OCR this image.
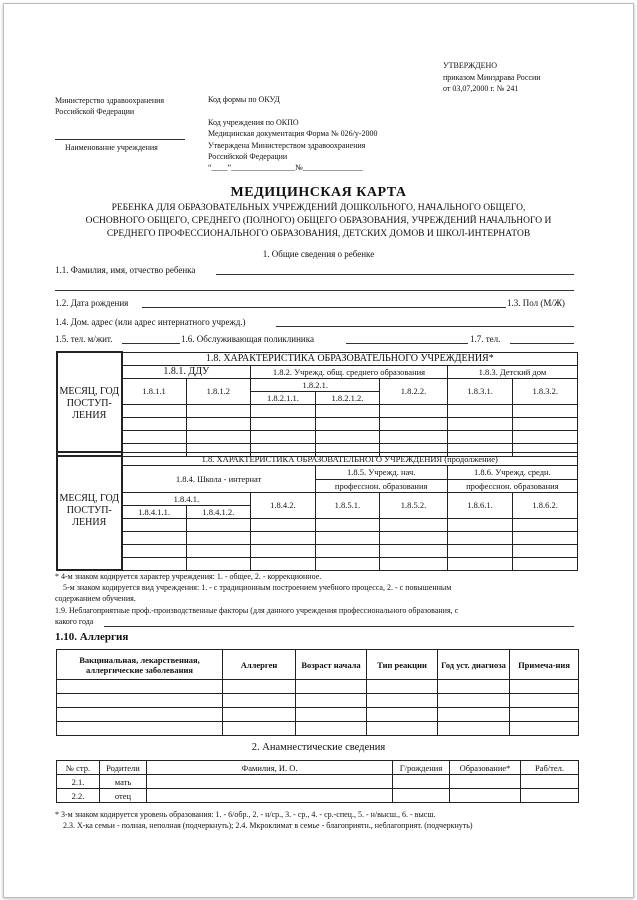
УТВЕРЖДЕНО
приказом Минздрава России
от 03,07,2000 г. № 241
Министерство здравоохранения
Российской Федерации
Наименование учреждения
Код формы по ОКУД
Код учреждения по ОКПО
Медицинская документация Форма № 026/у-2000
Утверждена Министерством здравоохранения
Российской Федерации
“____”________________№_______________
МЕДИЦИНСКАЯ КАРТА
РЕБЕНКА ДЛЯ ОБРАЗОВАТЕЛЬНЫХ УЧРЕЖДЕНИЙ ДОШКОЛЬНОГО, НАЧАЛЬНОГО ОБЩЕГО,
ОСНОВНОГО ОБЩЕГО, СРЕДНЕГО (ПОЛНОГО) ОБЩЕГО ОБРАЗОВАНИЯ, УЧРЕЖДЕНИЙ НАЧАЛЬНОГО И
СРЕДНЕГО ПРОФЕССИОНАЛЬНОГО ОБРАЗОВАНИЯ, ДЕТСКИХ ДОМОВ И ШКОЛ-ИНТЕРНАТОВ
1. Общие сведения о ребенке
1.1. Фамилия, имя, отчество ребенка
1.2. Дата рождения	1.3. Пол (М/Ж)
1.4. Дом. адрес (или адрес интернатного учрежд.)
1.5. тел. м/жит.	1.6. Обслуживающая поликлиника	1.7. тел.
МЕСЯЦ, ГОД ПОСТУП-ЛЕНИЯ	1.8. ХАРАКТЕРИСТИКА ОБРАЗОВАТЕЛЬНОГО УЧРЕЖДЕНИЯ*						
	1.8.1. ДДУ		1.8.2. Учрежд. общ. среднего образования			1.8.3. Детский дом	
	1.8.1.1	1.8.1.2	1.8.2.1.		1.8.2.2.	1.8.3.1.	1.8.3.2.
			1.8.2.1.1.	1.8.2.1.2.			

МЕСЯЦ, ГОД ПОСТУП-ЛЕНИЯ	1.8. ХАРАКТЕРИСТИКА ОБРАЗОВАТЕЛЬНОГО УЧРЕЖДЕНИЯ (продолжение)						
	1.8.4. Школа - интернат			1.8.5. Учрежд. нач.		1.8.6. Учрежд. средн.	
				професснон. образования		професснон. образования	
	1.8.4.1.		1.8.4.2.	1.8.5.1.	1.8.5.2.	1.8.6.1.	1.8.6.2.
	1.8.4.1.1.	1.8.4.1.2.					

* 4-м знаком кодируется характер учреждения: 1. - общее, 2. - коррекционное.
5-м знаком кодируется вид учреждения: 1. - с традиционным построением учебного процесса, 2. - с повышенным
содержанием обучения.
1.9. Неблагоприятные проф.-производственные факторы (для данного учреждения профессионального образования, с
какого года
1.10. Аллергия
Вакцинальная, лекарственная, аллергические заболевания	Аллерген	Возраст начала	Тип реакции	Год уст. диагноза	Примеча-ния

2. Анамнестические сведения
№ стр.	Родители	Фамилия, И. О.	Г/рождения	Образование*	Раб/тел.
2.1.	мать				
2.2.	отец				
* 3-м знаком кодируется уровень образования: 1. - 6/обр., 2. - н/ср., 3. - ср., 4. - ср.-спец., 5. - н/высш., 6. - высш.
2.3. Х-ка семьи - полная, неполная (подчеркнуть); 2.4. Мкроклимат в семье - благоприятн., неблагоприят. (подчеркнуть)
